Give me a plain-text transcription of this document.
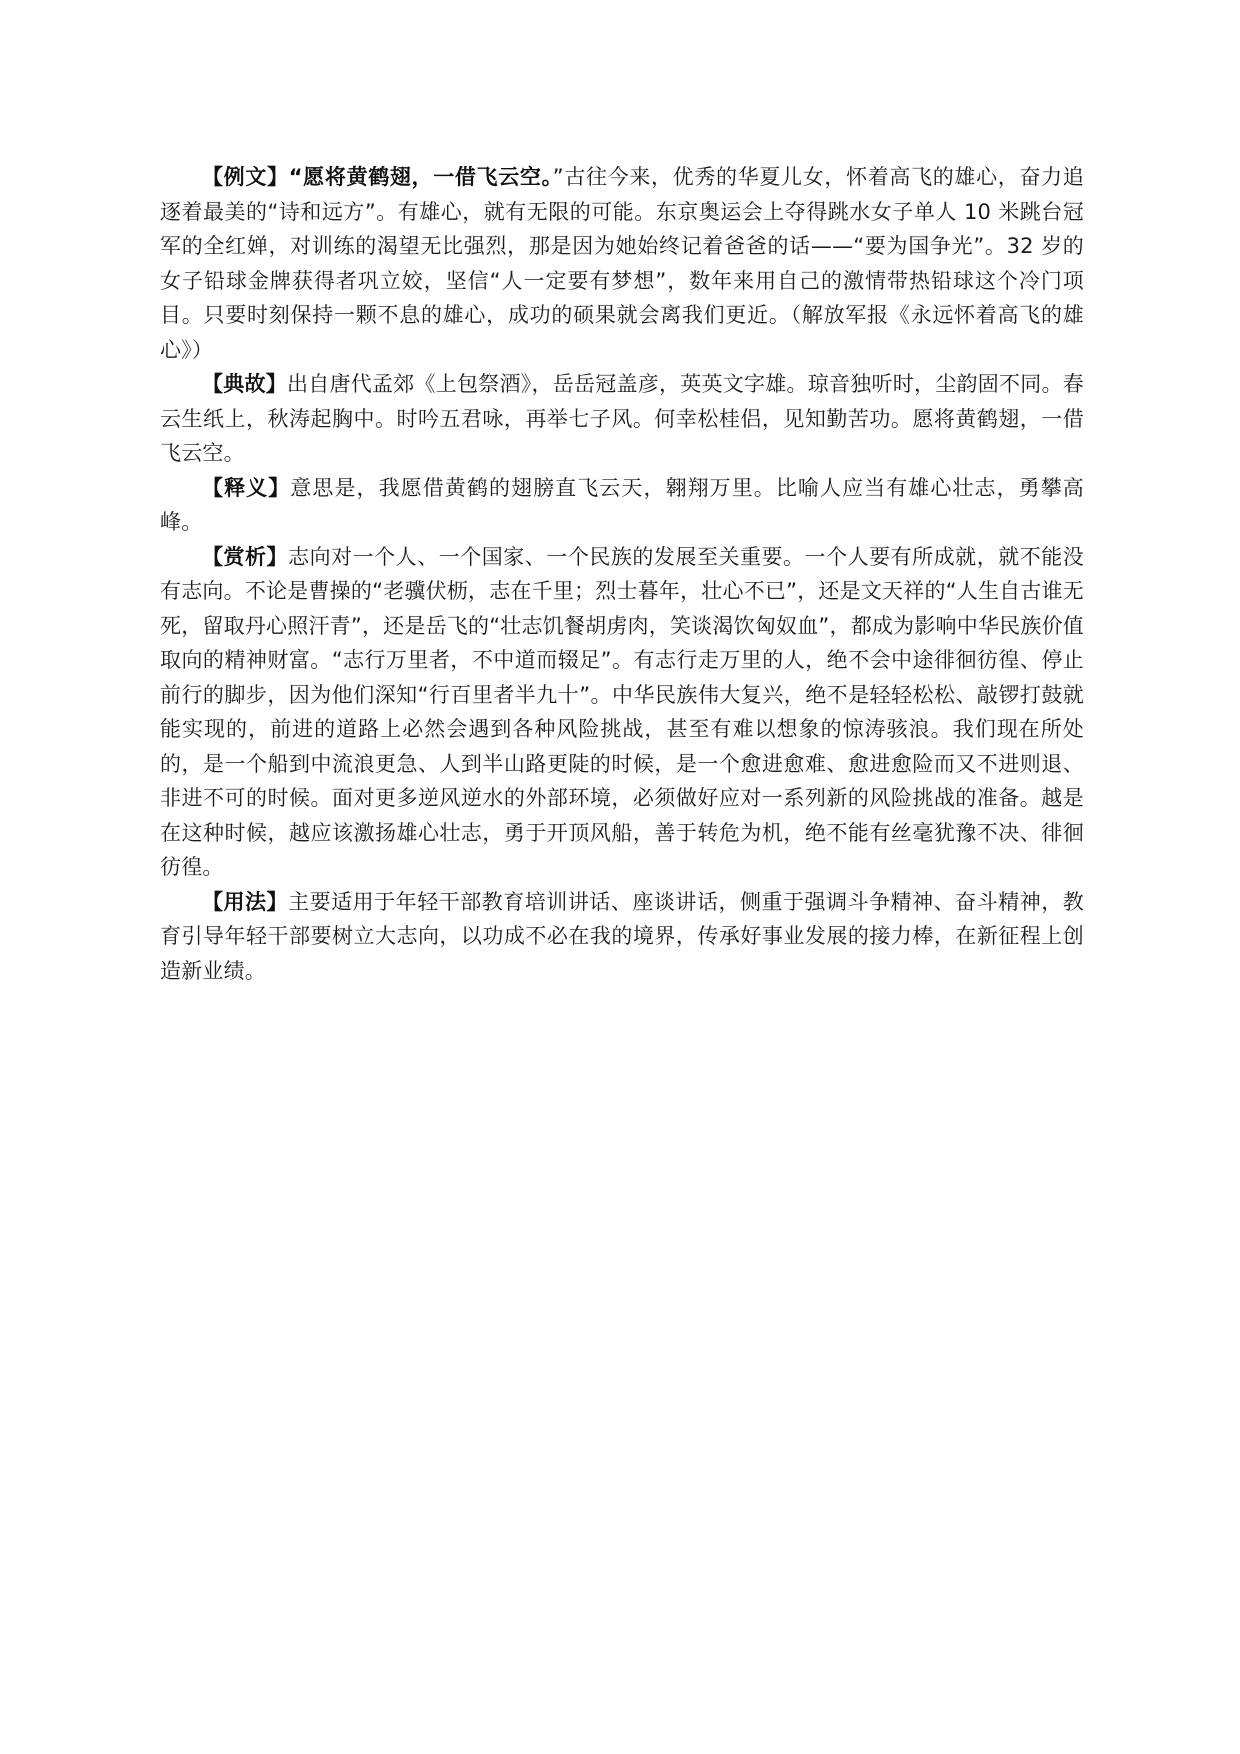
【例文】“愿将黄鹤翅，一借飞云空。”古往今来，优秀的华夏儿女，怀着高飞的雄心，奋力追逐着最美的“诗和远方”。有雄心，就有无限的可能。东京奥运会上夺得跳水女子单人 10 米跳台冠军的全红婵，对训练的渴望无比强烈，那是因为她始终记着爸爸的话——“要为国争光”。32 岁的女子铅球金牌获得者巩立姣，坚信“人一定要有梦想”，数年来用自己的激情带热铅球这个冷门项目。只要时刻保持一颗不息的雄心，成功的硕果就会离我们更近。（解放军报《永远怀着高飞的雄心》）

【典故】出自唐代孟郊《上包祭酒》，岳岳冠盖彦，英英文字雄。琼音独听时，尘韵固不同。春云生纸上，秋涛起胸中。时吟五君咏，再举七子风。何幸松桂侣，见知勤苦功。愿将黄鹤翅，一借飞云空。

【释义】意思是，我愿借黄鹤的翅膀直飞云天，翱翔万里。比喻人应当有雄心壮志，勇攀高峰。

【赏析】志向对一个人、一个国家、一个民族的发展至关重要。一个人要有所成就，就不能没有志向。不论是曹操的“老骥伏枥，志在千里；烈士暮年，壮心不已”，还是文天祥的“人生自古谁无死，留取丹心照汗青”，还是岳飞的“壮志饥餐胡虏肉，笑谈渴饮匈奴血”，都成为影响中华民族价值取向的精神财富。“志行万里者，不中道而辍足”。有志行走万里的人，绝不会中途徘徊彷徨、停止前行的脚步，因为他们深知“行百里者半九十”。中华民族伟大复兴，绝不是轻轻松松、敲锣打鼓就能实现的，前进的道路上必然会遇到各种风险挑战，甚至有难以想象的惊涛骇浪。我们现在所处的，是一个船到中流浪更急、人到半山路更陡的时候，是一个愈进愈难、愈进愈险而又不进则退、非进不可的时候。面对更多逆风逆水的外部环境，必须做好应对一系列新的风险挑战的准备。越是在这种时候，越应该激扬雄心壮志，勇于开顶风船，善于转危为机，绝不能有丝毫犹豫不决、徘徊彷徨。

【用法】主要适用于年轻干部教育培训讲话、座谈讲话，侧重于强调斗争精神、奋斗精神，教育引导年轻干部要树立大志向，以功成不必在我的境界，传承好事业发展的接力棒，在新征程上创造新业绩。
